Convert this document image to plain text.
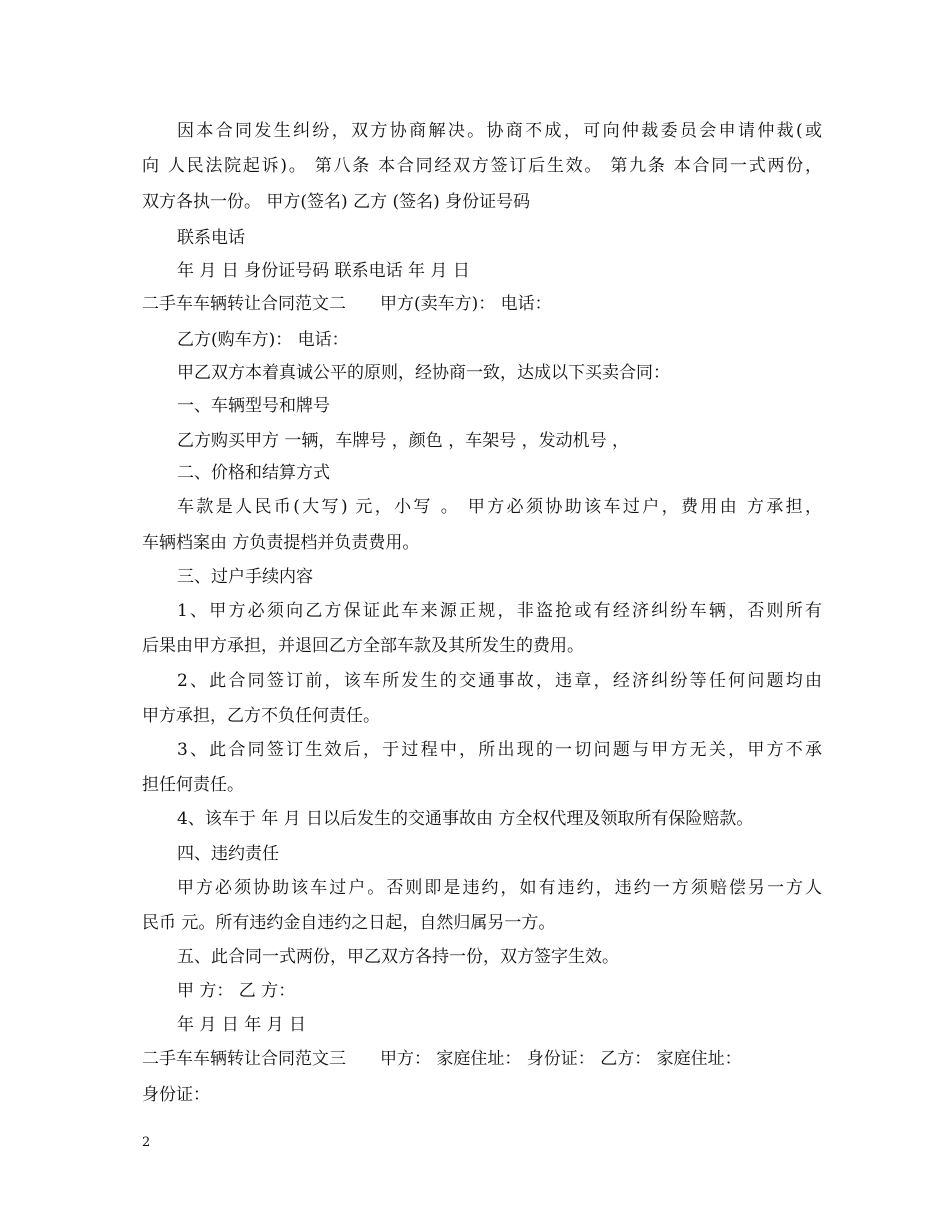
因本合同发生纠纷，双方协商解决。协商不成，可向仲裁委员会申请仲裁(或
向 人民法院起诉)。 第八条 本合同经双方签订后生效。 第九条 本合同一式两份，
双方各执一份。 甲方(签名) 乙方 (签名) 身份证号码
联系电话
年 月 日 身份证号码 联系电话 年 月 日
二手车车辆转让合同范文二　　甲方(卖车方)： 电话：
乙方(购车方)： 电话：
甲乙双方本着真诚公平的原则，经协商一致，达成以下买卖合同：
一、车辆型号和牌号
乙方购买甲方 一辆，车牌号 ，颜色 ，车架号 ，发动机号 ，
二、价格和结算方式
车款是人民币(大写) 元，小写 。 甲方必须协助该车过户，费用由 方承担，
车辆档案由 方负责提档并负责费用。
三、过户手续内容
1、甲方必须向乙方保证此车来源正规，非盗抢或有经济纠纷车辆，否则所有
后果由甲方承担，并退回乙方全部车款及其所发生的费用。
2、此合同签订前，该车所发生的交通事故，违章，经济纠纷等任何问题均由
甲方承担，乙方不负任何责任。
3、此合同签订生效后，于过程中，所出现的一切问题与甲方无关，甲方不承
担任何责任。
4、该车于 年 月 日以后发生的交通事故由 方全权代理及领取所有保险赔款。
四、违约责任
甲方必须协助该车过户。否则即是违约，如有违约，违约一方须赔偿另一方人
民币 元。所有违约金自违约之日起，自然归属另一方。
五、此合同一式两份，甲乙双方各持一份，双方签字生效。
甲 方： 乙 方：
年 月 日 年 月 日
二手车车辆转让合同范文三　　甲方： 家庭住址： 身份证： 乙方： 家庭住址：
身份证：
2
